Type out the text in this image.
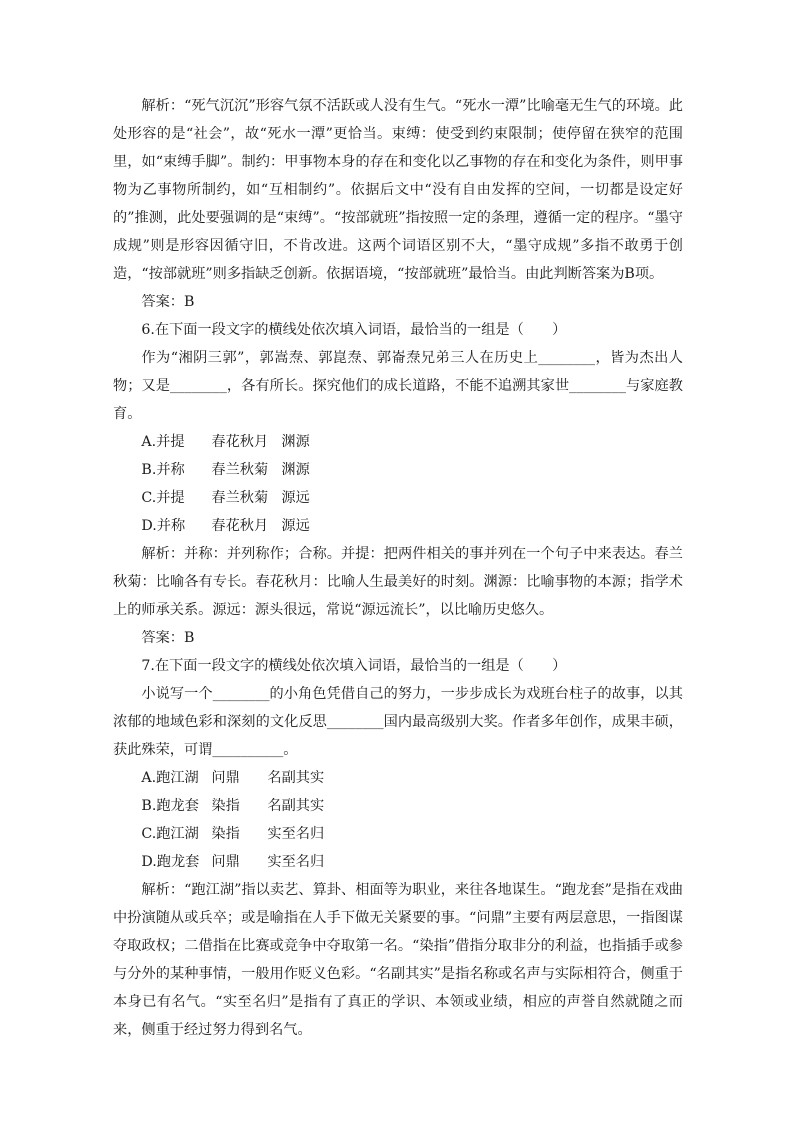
解析：“死气沉沉”形容气氛不活跃或人没有生气。“死水一潭”比喻毫无生气的环境。此处形容的是“社会”，故“死水一潭”更恰当。束缚：使受到约束限制；使停留在狭窄的范围里，如“束缚手脚”。制约：甲事物本身的存在和变化以乙事物的存在和变化为条件，则甲事物为乙事物所制约，如“互相制约”。依据后文中“没有自由发挥的空间，一切都是设定好的”推测，此处要强调的是“束缚”。“按部就班”指按照一定的条理，遵循一定的程序。“墨守成规”则是形容因循守旧，不肯改进。这两个词语区别不大，“墨守成规”多指不敢勇于创造，“按部就班”则多指缺乏创新。依据语境，“按部就班”最恰当。由此判断答案为B项。

答案：B

6.在下面一段文字的横线处依次填入词语，最恰当的一组是（　　）

作为“湘阴三郭”，郭嵩焘、郭崑焘、郭崙焘兄弟三人在历史上________，皆为杰出人物；又是________，各有所长。探究他们的成长道路，不能不追溯其家世________与家庭教育。

A.并提 春花秋月 渊源

B.并称 春兰秋菊 渊源

C.并提 春兰秋菊 源远

D.并称 春花秋月 源远

解析：并称：并列称作；合称。并提：把两件相关的事并列在一个句子中来表达。春兰秋菊：比喻各有专长。春花秋月：比喻人生最美好的时刻。渊源：比喻事物的本源；指学术上的师承关系。源远：源头很远，常说“源远流长”，以比喻历史悠久。

答案：B

7.在下面一段文字的横线处依次填入词语，最恰当的一组是（　　）

小说写一个________的小角色凭借自己的努力，一步步成长为戏班台柱子的故事，以其浓郁的地域色彩和深刻的文化反思________国内最高级别大奖。作者多年创作，成果丰硕，获此殊荣，可谓__________。

A.跑江湖 问鼎 名副其实

B.跑龙套 染指 名副其实

C.跑江湖 染指 实至名归

D.跑龙套 问鼎 实至名归

解析：“跑江湖”指以卖艺、算卦、相面等为职业，来往各地谋生。“跑龙套”是指在戏曲中扮演随从或兵卒；或是喻指在人手下做无关紧要的事。“问鼎”主要有两层意思，一指图谋夺取政权；二借指在比赛或竞争中夺取第一名。“染指”借指分取非分的利益，也指插手或参与分外的某种事情，一般用作贬义色彩。“名副其实”是指名称或名声与实际相符合，侧重于本身已有名气。“实至名归”是指有了真正的学识、本领或业绩，相应的声誉自然就随之而来，侧重于经过努力得到名气。
